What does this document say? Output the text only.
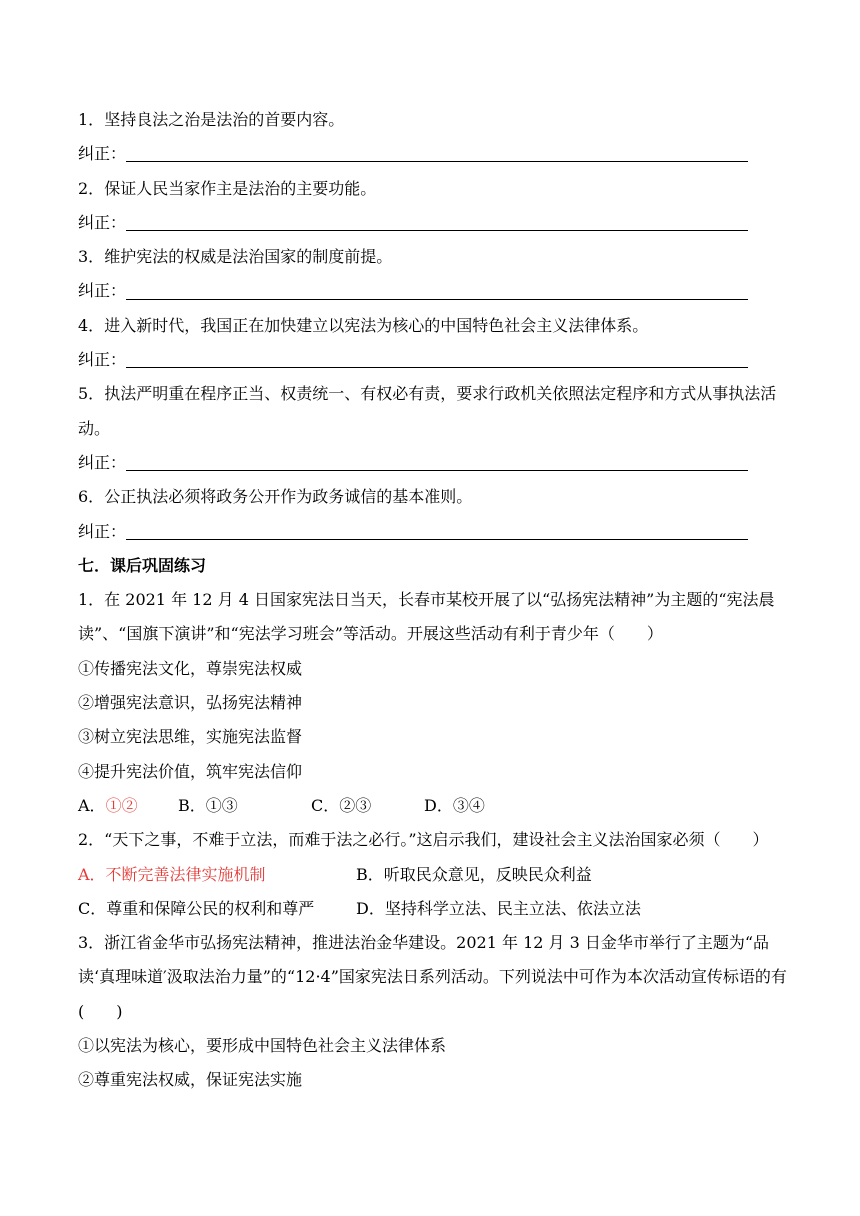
1．坚持良法之治是法治的首要内容。
纠正：
2．保证人民当家作主是法治的主要功能。
纠正：
3．维护宪法的权威是法治国家的制度前提。
纠正：
4．进入新时代，我国正在加快建立以宪法为核心的中国特色社会主义法律体系。
纠正：
5．执法严明重在程序正当、权责统一、有权必有责，要求行政机关依照法定程序和方式从事执法活动。
纠正：
6．公正执法必须将政务公开作为政务诚信的基本准则。
纠正：
七．课后巩固练习
1．在 2021 年 12 月 4 日国家宪法日当天，长春市某校开展了以“弘扬宪法精神”为主题的“宪法晨读”、“国旗下演讲”和“宪法学习班会”等活动。开展这些活动有利于青少年（　　）
①传播宪法文化，尊崇宪法权威
②增强宪法意识，弘扬宪法精神
③树立宪法思维，实施宪法监督
④提升宪法价值，筑牢宪法信仰
A．①②	B．①③	C．②③	D．③④
2．“天下之事，不难于立法，而难于法之必行。”这启示我们，建设社会主义法治国家必须（　　）
A．不断完善法律实施机制	B．听取民众意见，反映民众利益
C．尊重和保障公民的权利和尊严	D．坚持科学立法、民主立法、依法立法
3．浙江省金华市弘扬宪法精神，推进法治金华建设。2021 年 12 月 3 日金华市举行了主题为“品读‘真理味道′汲取法治力量”的“12·4”国家宪法日系列活动。下列说法中可作为本次活动宣传标语的有(　　)
①以宪法为核心，要形成中国特色社会主义法律体系
②尊重宪法权威，保证宪法实施
